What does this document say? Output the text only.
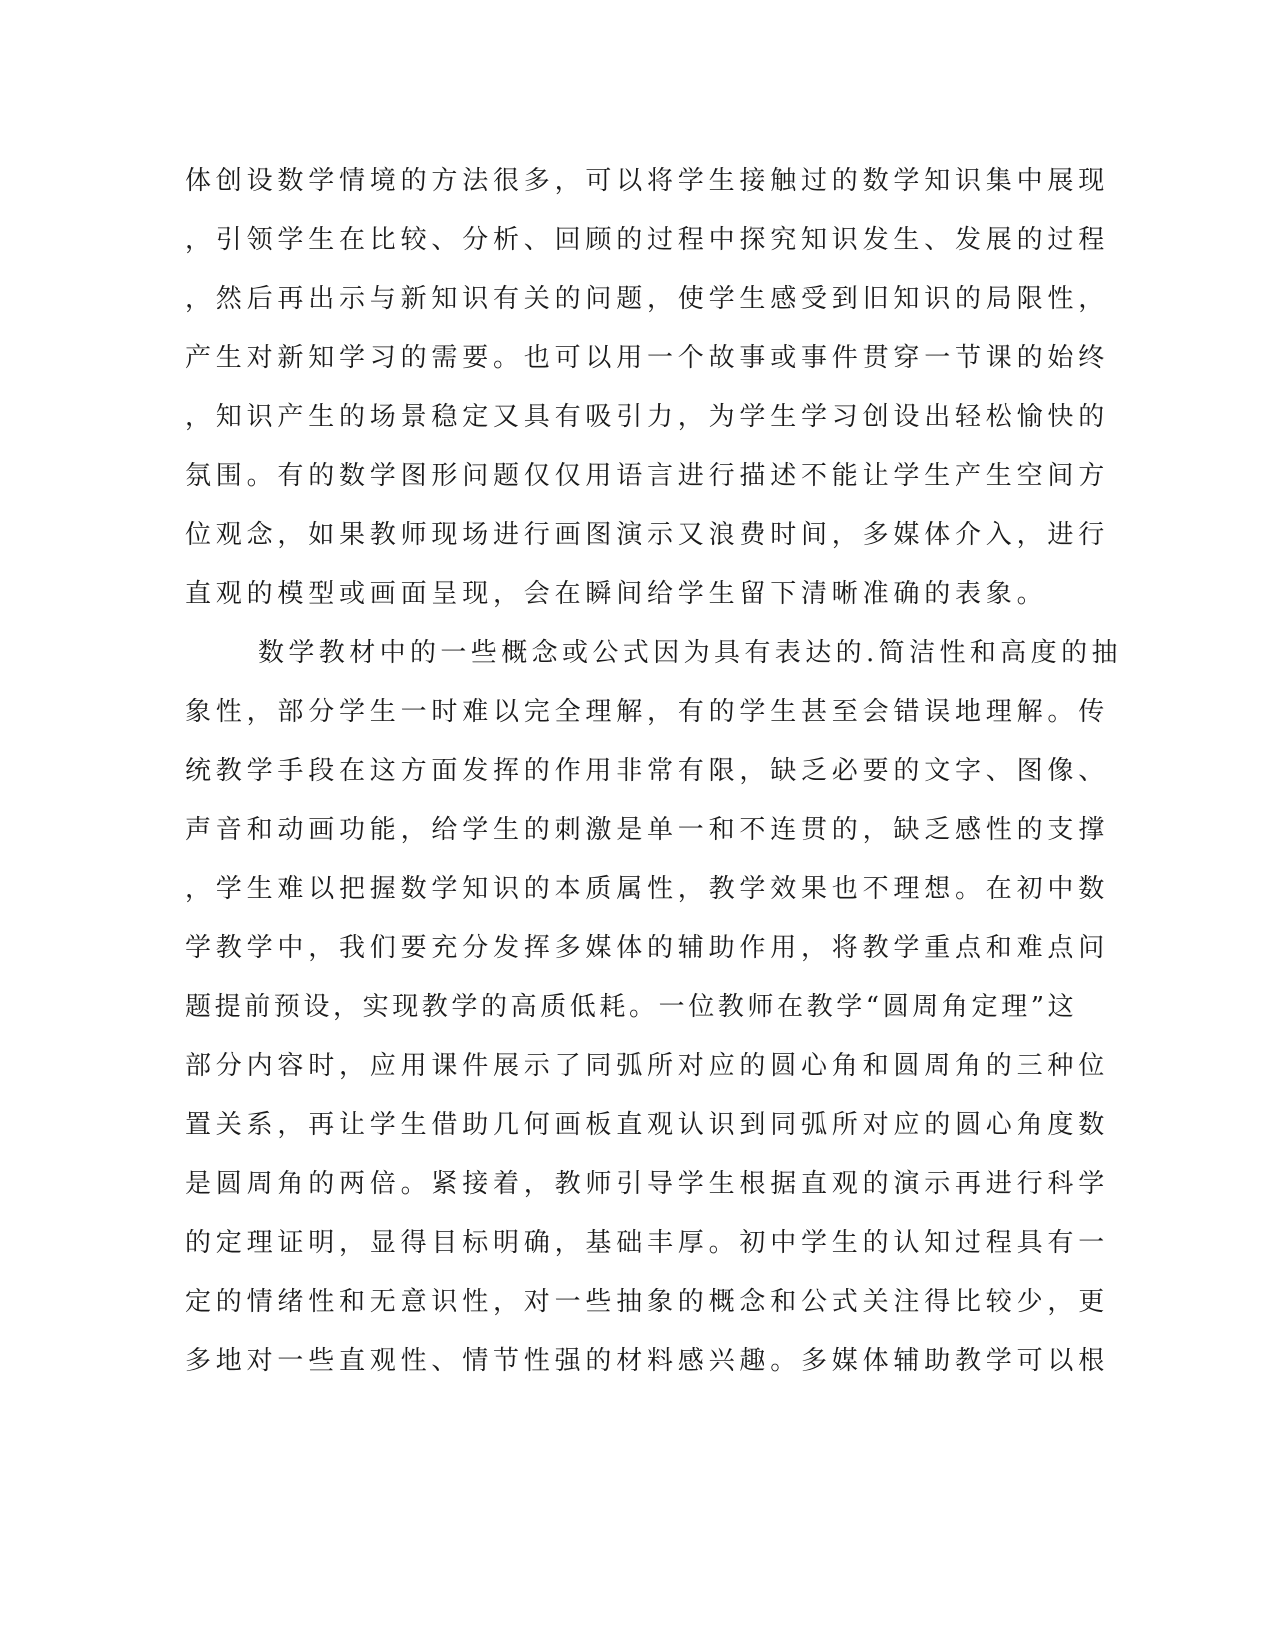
体创设数学情境的方法很多，可以将学生接触过的数学知识集中展现
，引领学生在比较、分析、回顾的过程中探究知识发生、发展的过程
，然后再出示与新知识有关的问题，使学生感受到旧知识的局限性，
产生对新知学习的需要。也可以用一个故事或事件贯穿一节课的始终
，知识产生的场景稳定又具有吸引力，为学生学习创设出轻松愉快的
氛围。有的数学图形问题仅仅用语言进行描述不能让学生产生空间方
位观念，如果教师现场进行画图演示又浪费时间，多媒体介入，进行
直观的模型或画面呈现，会在瞬间给学生留下清晰准确的表象。
数学教材中的一些概念或公式因为具有表达的.简洁性和高度的抽
象性，部分学生一时难以完全理解，有的学生甚至会错误地理解。传
统教学手段在这方面发挥的作用非常有限，缺乏必要的文字、图像、
声音和动画功能，给学生的刺激是单一和不连贯的，缺乏感性的支撑
，学生难以把握数学知识的本质属性，教学效果也不理想。在初中数
学教学中，我们要充分发挥多媒体的辅助作用，将教学重点和难点问
题提前预设，实现教学的高质低耗。一位教师在教学“圆周角定理”这
部分内容时，应用课件展示了同弧所对应的圆心角和圆周角的三种位
置关系，再让学生借助几何画板直观认识到同弧所对应的圆心角度数
是圆周角的两倍。紧接着，教师引导学生根据直观的演示再进行科学
的定理证明，显得目标明确，基础丰厚。初中学生的认知过程具有一
定的情绪性和无意识性，对一些抽象的概念和公式关注得比较少，更
多地对一些直观性、情节性强的材料感兴趣。多媒体辅助教学可以根
